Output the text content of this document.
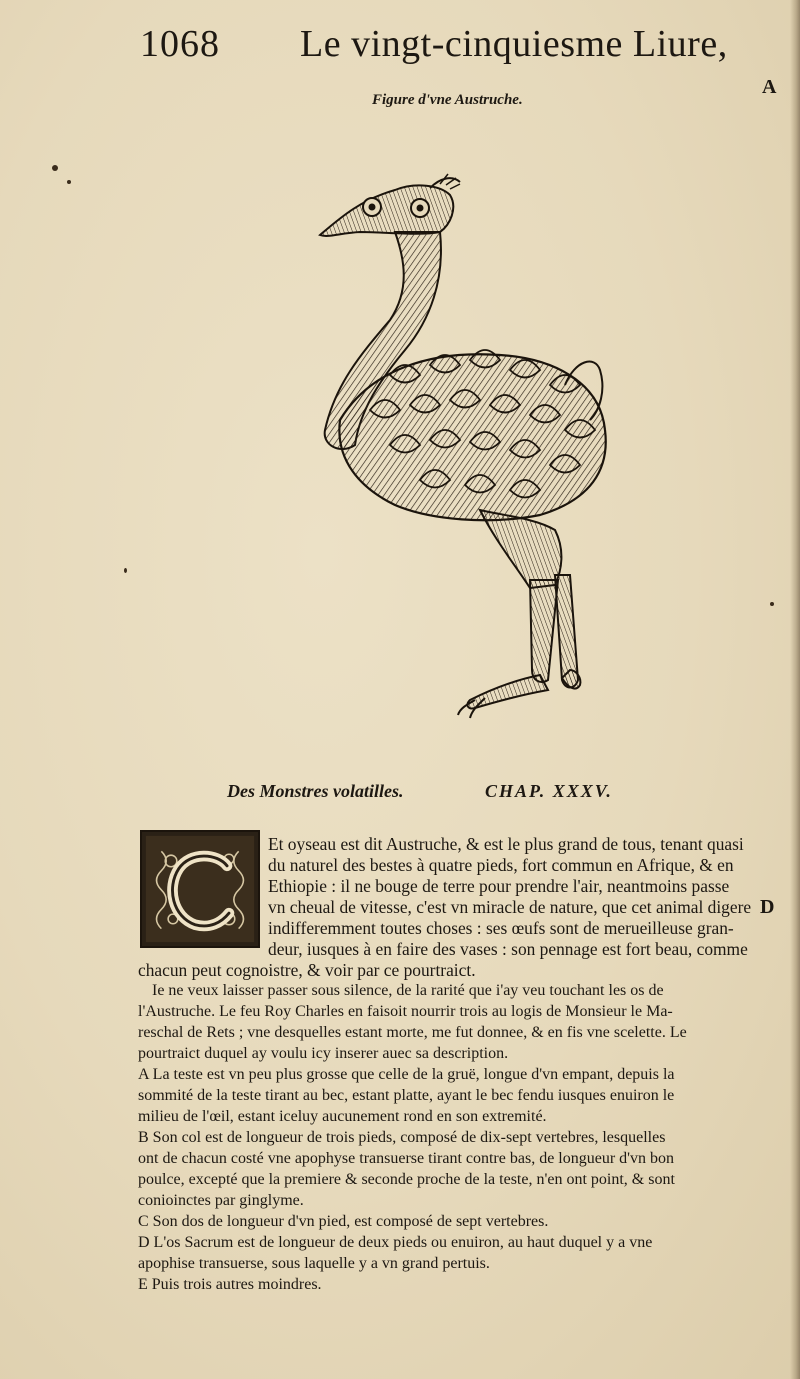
1068 Le vingt-cinquiesme Liure,
A
D
Figure d'vne Austruche.
Des Monstres volatilles.	CHAP. XXXV.
Et oyseau est dit Austruche, & est le plus grand de tous, tenant quasi
du naturel des bestes à quatre pieds, fort commun en Afrique, & en
Ethiopie : il ne bouge de terre pour prendre l'air, neantmoins passe
vn cheual de vitesse, c'est vn miracle de nature, que cet animal digere
indifferemment toutes choses : ses œufs sont de merueilleuse gran-
deur, iusques à en faire des vases : son pennage est fort beau, comme
chacun peut cognoistre, & voir par ce pourtraict.
Ie ne veux laisser passer sous silence, de la rarité que i'ay veu touchant les os de
l'Austruche. Le feu Roy Charles en faisoit nourrir trois au logis de Monsieur le Ma-
reschal de Rets ; vne desquelles estant morte, me fut donnee, & en fis vne scelette. Le
pourtraict duquel ay voulu icy inserer auec sa description.
A La teste est vn peu plus grosse que celle de la gruë, longue d'vn empant, depuis la
sommité de la teste tirant au bec, estant platte, ayant le bec fendu iusques enuiron le
milieu de l'œil, estant iceluy aucunement rond en son extremité.
B Son col est de longueur de trois pieds, composé de dix-sept vertebres, lesquelles
ont de chacun costé vne apophyse transuerse tirant contre bas, de longueur d'vn bon
poulce, excepté que la premiere & seconde proche de la teste, n'en ont point, & sont
conioinctes par ginglyme.
C Son dos de longueur d'vn pied, est composé de sept vertebres.
D L'os Sacrum est de longueur de deux pieds ou enuiron, au haut duquel y a vne
apophise transuerse, sous laquelle y a vn grand pertuis.
E Puis trois autres moindres.
